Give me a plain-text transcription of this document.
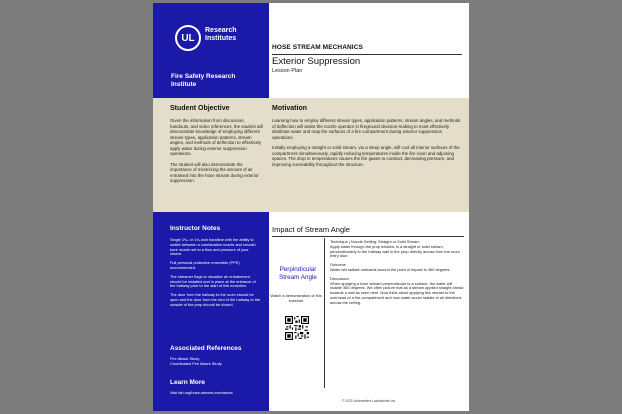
UL
Research Institutes
Fire Safety Research Institute
HOSE STREAM MECHANICS
Exterior Suppression
Lesson Plan
Student Objective

Given the information from discussion, handouts, and video references, the student will demonstrate knowledge of employing different stream types, application patterns, stream angles, and methods of deflection to effectively apply water during exterior suppression operations.

The student will also demonstrate the importance of minimizing the amount of air entrained into the hose stream during exterior suppression.

Motivation

Learning how to employ different stream types, application patterns, stream angles, and methods of deflection will assist the nozzle operator in fireground decision-making to most effectively distribute water and map the surfaces of a fire compartment during exterior suppression operations.

Initially employing a straight or solid stream, via a steep angle, will cool all interior surfaces of the compartment simultaneously, rapidly reducing temperatures inside the fire room and adjoining spaces. The drop in temperatures causes the fire gases to contract, decreasing pressure, and improving survivability throughout the structure.

Instructor Notes

Single 1¾- or 1¾-inch handline with the ability to switch between a combination nozzle and smooth bore nozzle set to a flow and pressure of your choice.

Full personal protective ensemble (PPE) recommended.

The streamer flags to visualize air entrainment should be installed and in place at the entrance of the hallway prior to the start of this evolution.

The door from the hallway to the room should be open and the door from the end of the hallway to the outside of the prop should be closed.

Associated References

Fire Attack Study

Coordinated Fire Attack Study

Learn More

Visit fsri.org/hose-stream-mechanics

Impact of Stream Angle
Perpindicular Stream Angle
Watch a demonstration of this exercise
Technique | Nozzle Setting: Straight or Solid Stream
Apply water through the prop window, in a straight or solid stream, perpendicularly to the hallway wall in the prop directly across from the room entry door.
Outcome
Water will radiate outwards around the point of impact in 360 degrees.
Discussion
When applying a hose stream perpendicular to a surface, the water will radiate 360 degrees. We often picture that as a stream applied straight ahead towards a wall as seen here. Now think about applying this stream to the overhead of a fire compartment and how water would radiate in all directions across the ceiling.
© 2023 Underwriters Laboratories Inc.
